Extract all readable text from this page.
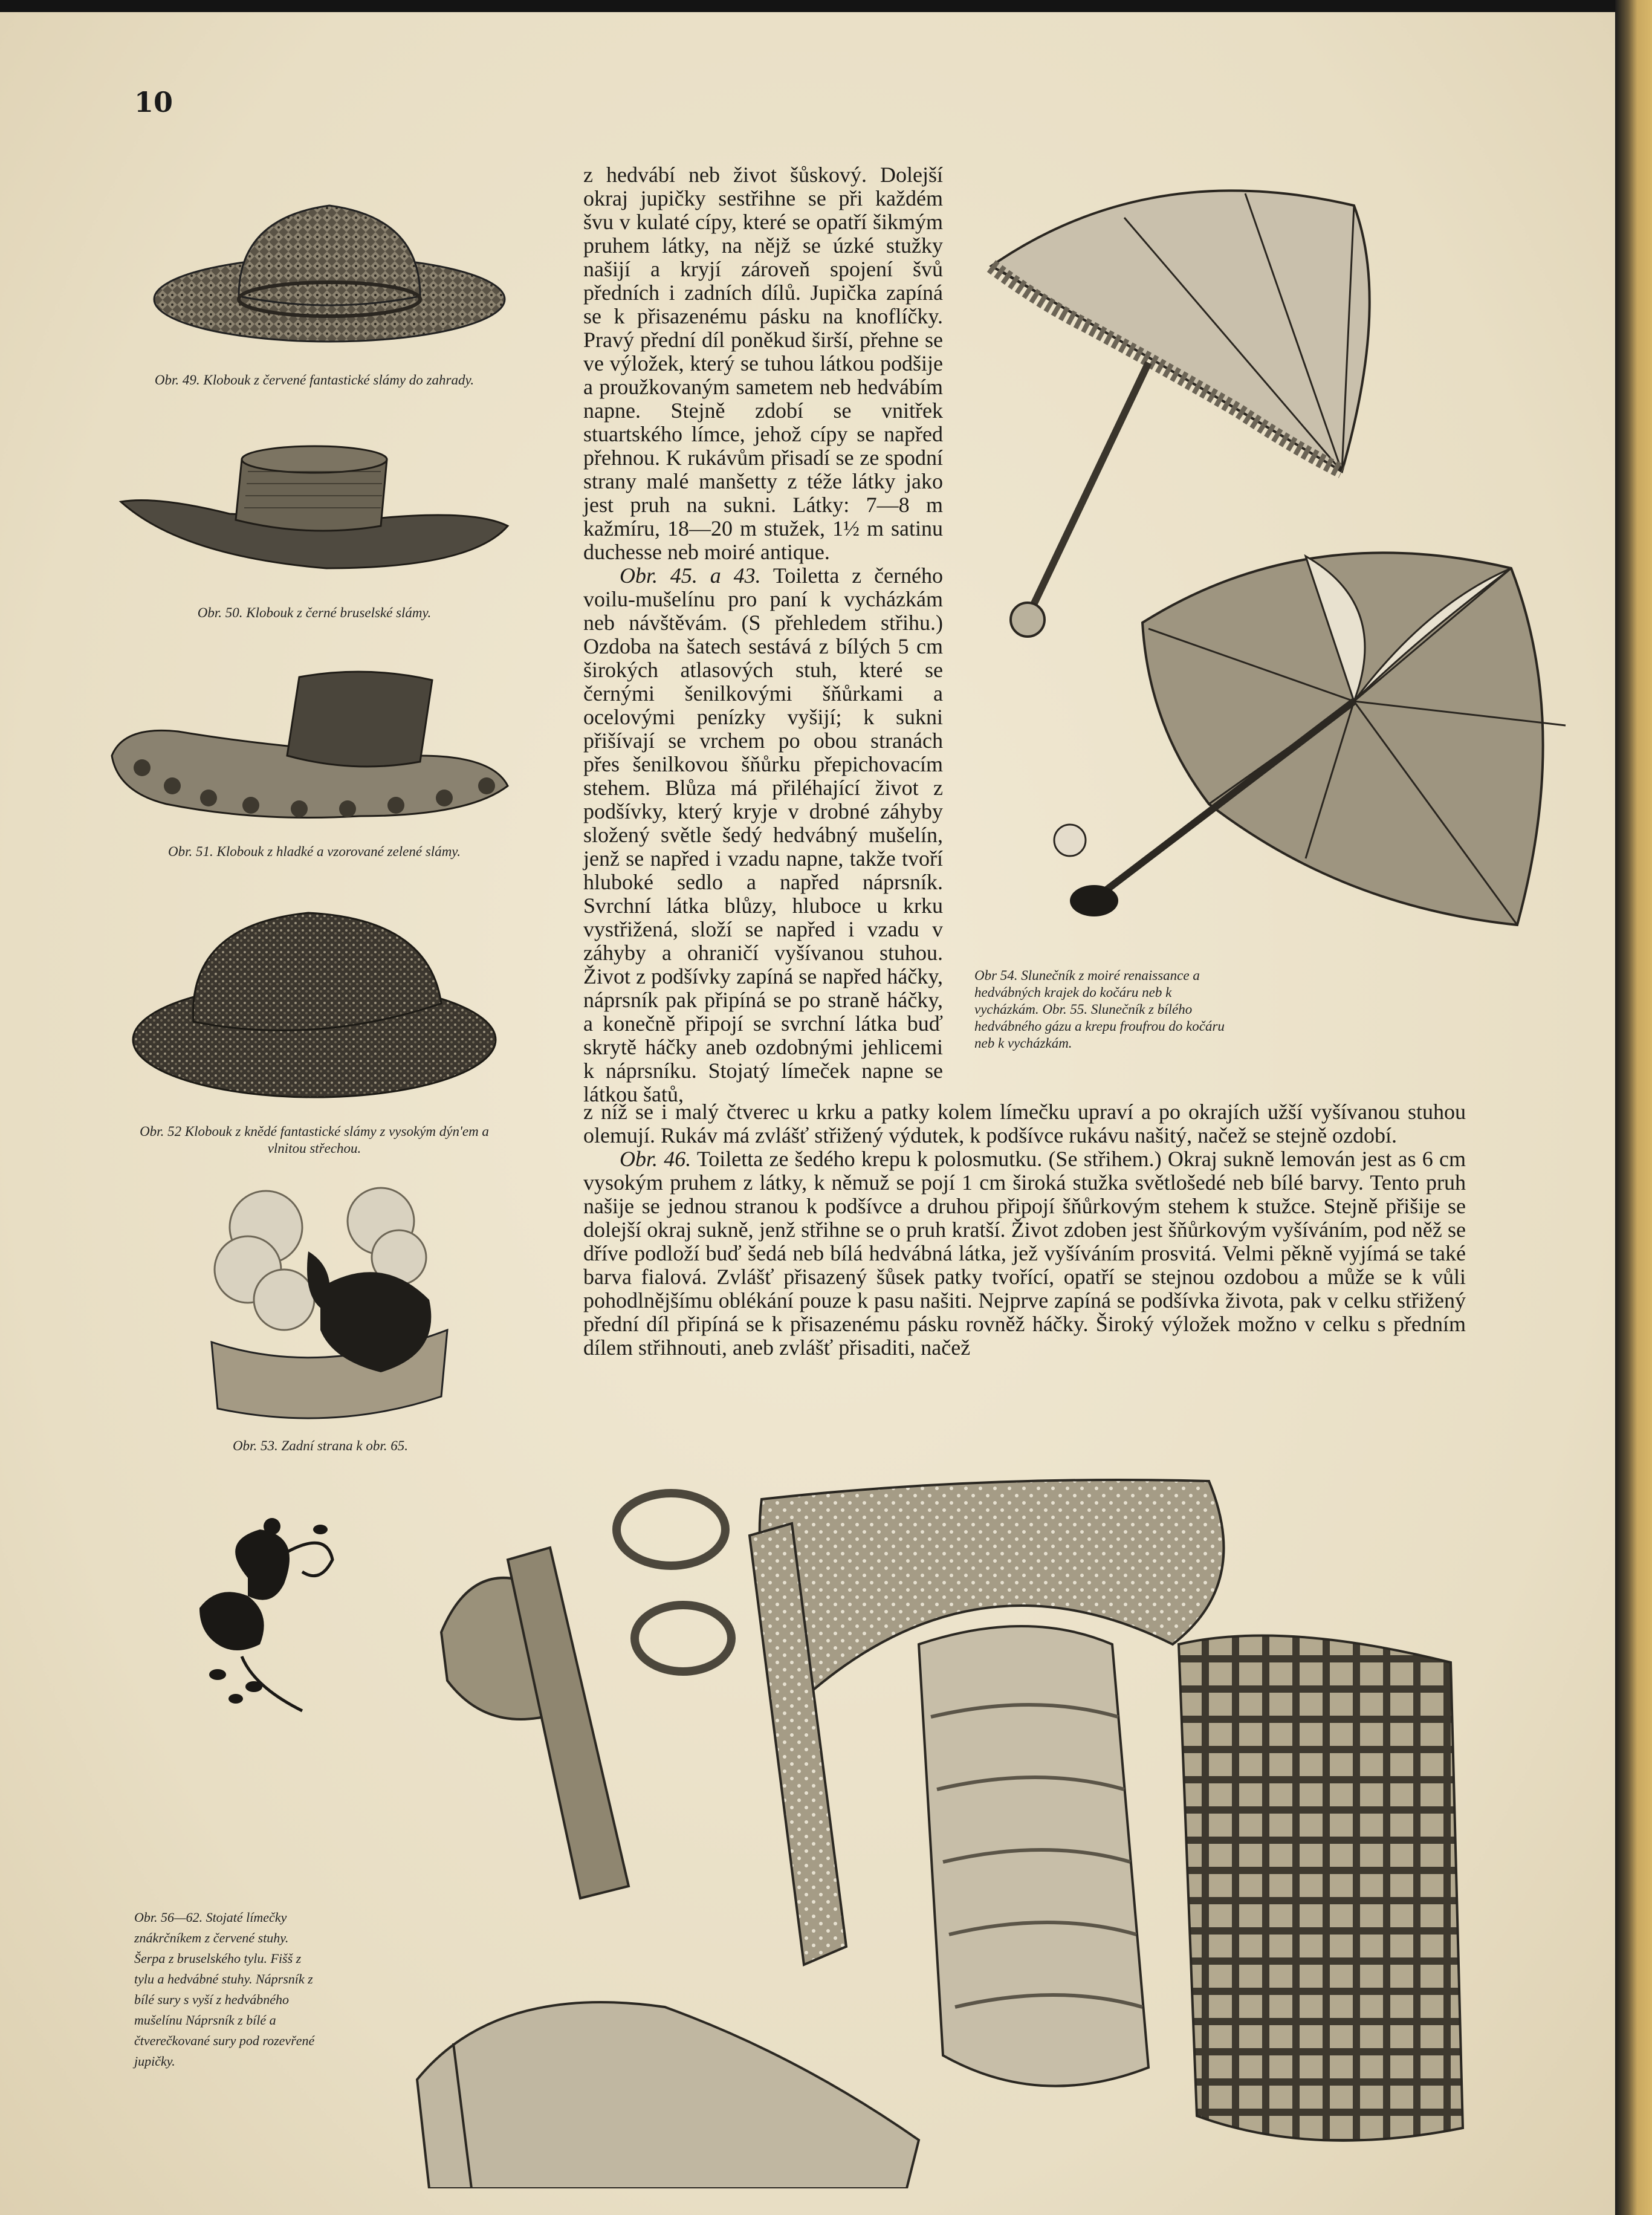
10
Obr. 49. Klobouk z červené fantastické slámy do zahrady.
Obr. 50. Klobouk z černé bruselské slámy.
Obr. 51. Klobouk z hladké a vzorované zelené slámy.
Obr. 52 Klobouk z knědé fantastické slámy z vysokým dýn'em a vlnitou střechou.
Obr. 53. Zadní strana k obr. 65.
Obr 54. Slunečník z moiré renaissance a hedvábných krajek do kočáru neb k vycházkám. Obr. 55. Slunečník z bílého hedvábného gázu a krepu froufrou do kočáru neb k vycházkám.

z hedvábí neb život šůskový. Dolejší okraj jupičky sestřihne se při každém švu v kulaté cípy, které se opatří šikmým pruhem látky, na nějž se úzké stužky našijí a kryjí zároveň spojení švů předních i zadních dílů. Jupička zapíná se k přisazenému pásku na knoflíčky. Pravý přední díl poněkud širší, přehne se ve výložek, který se tuhou látkou podšije a proužkovaným sametem neb hedvábím napne. Stejně zdobí se vnitřek stuartského límce, jehož cípy se napřed přehnou. K rukávům přisadí se ze spodní strany malé manšetty z téže látky jako jest pruh na sukni. Látky: 7—8 m kažmíru, 18—20 m stužek, 1½ m satinu duchesse neb moiré antique.

Obr. 45. a 43. Toiletta z černého voilu-mušelínu pro paní k vycházkám neb návštěvám. (S přehledem střihu.) Ozdoba na šatech sestává z bílých 5 cm širokých atlasových stuh, které se černými šenilkovými šňůrkami a ocelovými penízky vyšijí; k sukni přišívají se vrchem po obou stranách přes šenilkovou šňůrku přepichovacím stehem. Blůza má přiléhající život z podšívky, který kryje v drobné záhyby složený světle šedý hedvábný mušelín, jenž se napřed i vzadu napne, takže tvoří hluboké sedlo a napřed náprsník. Svrchní látka blůzy, hluboce u krku vystřižená, složí se napřed i vzadu v záhyby a ohraničí vyšívanou stuhou. Život z podšívky zapíná se napřed háčky, náprsník pak připíná se po straně háčky, a konečně připojí se svrchní látka buď skrytě háčky aneb ozdobnými jehlicemi k náprsníku. Stojatý límeček napne se látkou šatů,

z níž se i malý čtverec u krku a patky kolem límečku upraví a po okrajích užší vyšívanou stuhou olemují. Rukáv má zvlášť střižený výdutek, k podšívce rukávu našitý, načež se stejně ozdobí.

Obr. 46. Toiletta ze šedého krepu k polosmutku. (Se střihem.) Okraj sukně lemován jest as 6 cm vysokým pruhem z látky, k němuž se pojí 1 cm široká stužka světlošedé neb bílé barvy. Tento pruh našije se jednou stranou k podšívce a druhou připojí šňůrkovým stehem k stužce. Stejně přišije se dolejší okraj sukně, jenž střihne se o pruh kratší. Život zdoben jest šňůrkovým vyšíváním, pod něž se dříve podloží buď šedá neb bílá hedvábná látka, jež vyšíváním prosvitá. Velmi pěkně vyjímá se také barva fialová. Zvlášť přisazený šůsek patky tvořící, opatří se stejnou ozdobou a může se k vůli pohodlnějšímu oblékání pouze k pasu našiti. Nejprve zapíná se podšívka života, pak v celku střižený přední díl připíná se k přisazenému pásku rovněž háčky. Široký výložek možno v celku s předním dílem střihnouti, aneb zvlášť přisaditi, načež

Obr. 56—62. Stojaté límečky znákrčníkem z červené stuhy. Šerpa z bruselského tylu. Fišš z tylu a hedvábné stuhy. Náprsník z bílé sury s vyší z hedvábného mušelínu Náprsník z bílé a čtverečkované sury pod rozevřené jupičky.
